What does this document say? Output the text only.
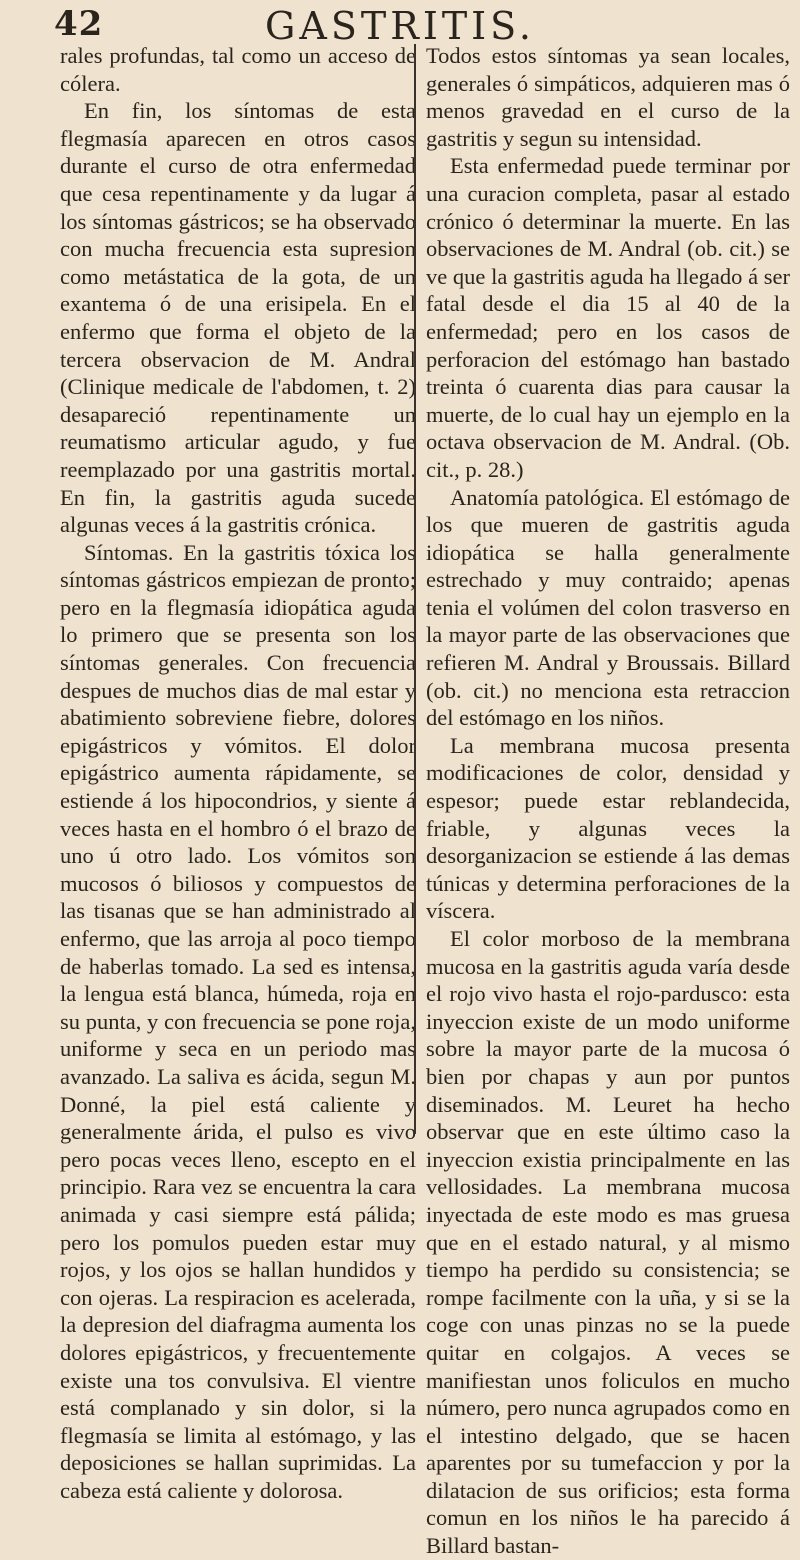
42	GASTRITIS.

rales profundas, tal como un acceso de cólera.

En fin, los síntomas de esta flegmasía aparecen en otros casos durante el curso de otra enfermedad que cesa repentinamente y da lugar á los síntomas gástricos; se ha observado con mucha frecuencia esta supresion como metástatica de la gota, de un exantema ó de una erisipela. En el enfermo que forma el objeto de la tercera observacion de M. Andral (Clinique medicale de l'abdomen, t. 2) desapareció repentinamente un reumatismo articular agudo, y fue reemplazado por una gastritis mortal. En fin, la gastritis aguda sucede algunas veces á la gastritis crónica.

Síntomas. En la gastritis tóxica los síntomas gástricos empiezan de pronto; pero en la flegmasía idiopática aguda lo primero que se presenta son los síntomas generales. Con frecuencia despues de muchos dias de mal estar y abatimiento sobreviene fiebre, dolores epigástricos y vómitos. El dolor epigástrico aumenta rápidamente, se estiende á los hipocondrios, y siente á veces hasta en el hombro ó el brazo de uno ú otro lado. Los vómitos son mucosos ó biliosos y compuestos de las tisanas que se han administrado al enfermo, que las arroja al poco tiempo de haberlas tomado. La sed es intensa, la lengua está blanca, húmeda, roja en su punta, y con frecuencia se pone roja, uniforme y seca en un periodo mas avanzado. La saliva es ácida, segun M. Donné, la piel está caliente y generalmente árida, el pulso es vivo pero pocas veces lleno, escepto en el principio. Rara vez se encuentra la cara animada y casi siempre está pálida; pero los pomulos pueden estar muy rojos, y los ojos se hallan hundidos y con ojeras. La respiracion es acelerada, la depresion del diafragma aumenta los dolores epigástricos, y frecuentemente existe una tos convulsiva. El vientre está complanado y sin dolor, si la flegmasía se limita al estómago, y las deposiciones se hallan suprimidas. La cabeza está caliente y dolorosa.

Todos estos síntomas ya sean locales, generales ó simpáticos, adquieren mas ó menos gravedad en el curso de la gastritis y segun su intensidad.

Esta enfermedad puede terminar por una curacion completa, pasar al estado crónico ó determinar la muerte. En las observaciones de M. Andral (ob. cit.) se ve que la gastritis aguda ha llegado á ser fatal desde el dia 15 al 40 de la enfermedad; pero en los casos de perforacion del estómago han bastado treinta ó cuarenta dias para causar la muerte, de lo cual hay un ejemplo en la octava observacion de M. Andral. (Ob. cit., p. 28.)

Anatomía patológica. El estómago de los que mueren de gastritis aguda idiopática se halla generalmente estrechado y muy contraido; apenas tenia el volúmen del colon trasverso en la mayor parte de las observaciones que refieren M. Andral y Broussais. Billard (ob. cit.) no menciona esta retraccion del estómago en los niños.

La membrana mucosa presenta modificaciones de color, densidad y espesor; puede estar reblandecida, friable, y algunas veces la desorganizacion se estiende á las demas túnicas y determina perforaciones de la víscera.

El color morboso de la membrana mucosa en la gastritis aguda varía desde el rojo vivo hasta el rojo-pardusco: esta inyeccion existe de un modo uniforme sobre la mayor parte de la mucosa ó bien por chapas y aun por puntos diseminados. M. Leuret ha hecho observar que en este último caso la inyeccion existia principalmente en las vellosidades. La membrana mucosa inyectada de este modo es mas gruesa que en el estado natural, y al mismo tiempo ha perdido su consistencia; se rompe facilmente con la uña, y si se la coge con unas pinzas no se la puede quitar en colgajos. A veces se manifiestan unos foliculos en mucho número, pero nunca agrupados como en el intestino delgado, que se hacen aparentes por su tumefaccion y por la dilatacion de sus orificios; esta forma comun en los niños le ha parecido á Billard bastan-
